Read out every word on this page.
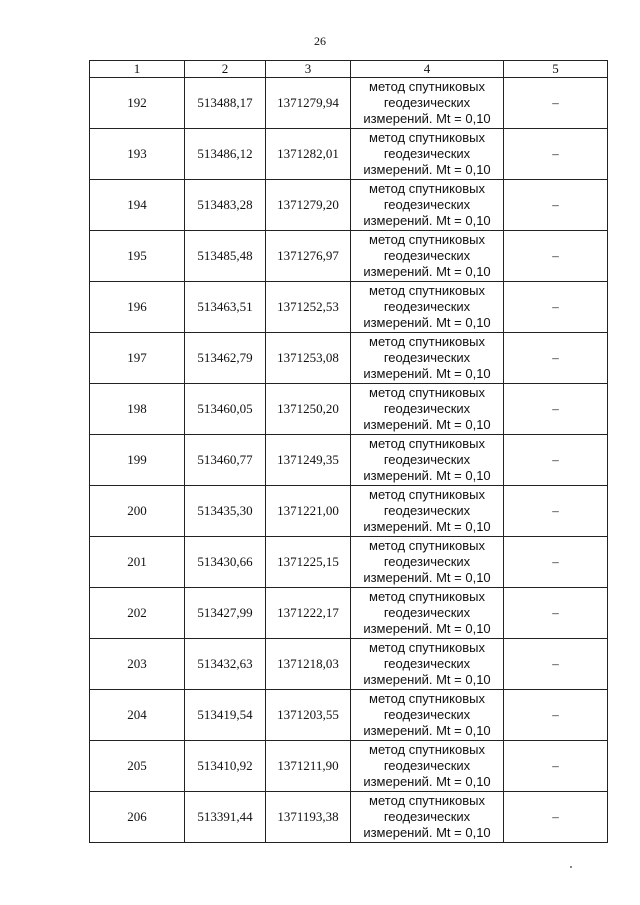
26
1	2	3	4	5
192	513488,17	1371279,94	метод спутниковых
геодезических
измерений. Mt = 0,10	–
193	513486,12	1371282,01	метод спутниковых
геодезических
измерений. Mt = 0,10	–
194	513483,28	1371279,20	метод спутниковых
геодезических
измерений. Mt = 0,10	–
195	513485,48	1371276,97	метод спутниковых
геодезических
измерений. Mt = 0,10	–
196	513463,51	1371252,53	метод спутниковых
геодезических
измерений. Mt = 0,10	–
197	513462,79	1371253,08	метод спутниковых
геодезических
измерений. Mt = 0,10	–
198	513460,05	1371250,20	метод спутниковых
геодезических
измерений. Mt = 0,10	–
199	513460,77	1371249,35	метод спутниковых
геодезических
измерений. Mt = 0,10	–
200	513435,30	1371221,00	метод спутниковых
геодезических
измерений. Mt = 0,10	–
201	513430,66	1371225,15	метод спутниковых
геодезических
измерений. Mt = 0,10	–
202	513427,99	1371222,17	метод спутниковых
геодезических
измерений. Mt = 0,10	–
203	513432,63	1371218,03	метод спутниковых
геодезических
измерений. Mt = 0,10	–
204	513419,54	1371203,55	метод спутниковых
геодезических
измерений. Mt = 0,10	–
205	513410,92	1371211,90	метод спутниковых
геодезических
измерений. Mt = 0,10	–
206	513391,44	1371193,38	метод спутниковых
геодезических
измерений. Mt = 0,10	–
